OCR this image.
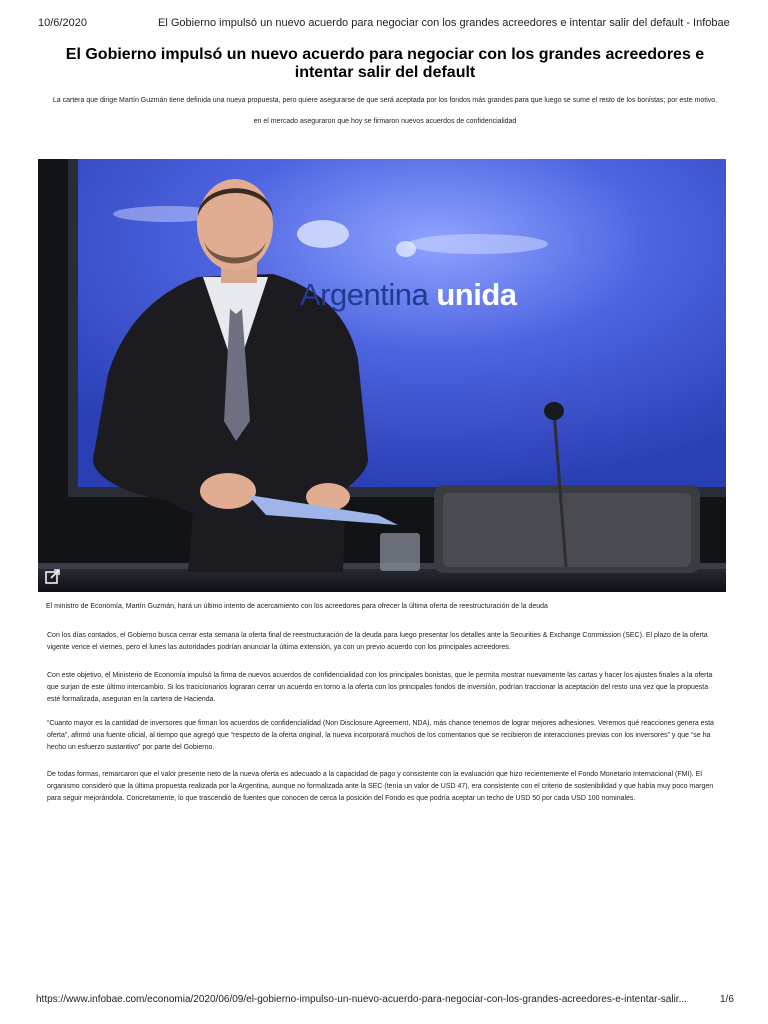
10/6/2020	El Gobierno impulsó un nuevo acuerdo para negociar con los grandes acreedores e intentar salir del default - Infobae
El Gobierno impulsó un nuevo acuerdo para negociar con los grandes acreedores e intentar salir del default

La cartera que dirige Martín Guzmán tiene definida una nueva propuesta, pero quiere asegurarse de que será aceptada por los fondos más grandes para que luego se sume el resto de los bonistas; por este motivo, en el mercado aseguraron que hoy se firmaron nuevos acuerdos de confidencialidad

Argentina unida

El ministro de Economía, Martín Guzmán, hará un último intento de acercamiento con los acreedores para ofrecer la última oferta de reestructuración de la deuda

Con los días contados, el Gobierno busca cerrar esta semana la oferta final de reestructuración de la deuda para luego presentar los detalles ante la Securities & Exchange Commission (SEC). El plazo de la oferta vigente vence el viernes, pero el lunes las autoridades podrían anunciar la última extensión, ya con un previo acuerdo con los principales acreedores.

Con este objetivo, el Ministerio de Economía impulsó la firma de nuevos acuerdos de confidencialidad con los principales bonistas, que le permita mostrar nuevamente las cartas y hacer los ajustes finales a la oferta que surjan de este último intercambio. Si los tracicionarios lograran cerrar un acuerdo en torno a la oferta con los principales fondos de inversión, podrían traccionar la aceptación del resto una vez que la propuesta esté formalizada, aseguran en la cartera de Hacienda.

“Cuanto mayor es la cantidad de inversores que firman los acuerdos de confidencialidad (Non Disclosure Agreement, NDA), más chance tenemos de lograr mejores adhesiones. Veremos qué reacciones genera esta oferta”, afirmó una fuente oficial, al tiempo que agregó que “respecto de la oferta original, la nueva incorporará muchos de los comentarios que se recibieron de interacciones previas con los inversores” y que “se ha hecho un esfuerzo sustantivo” por parte del Gobierno.

De todas formas, remarcaron que el valor presente neto de la nueva oferta es adecuado a la capacidad de pago y consistente con la evaluación que hizo recientemente el Fondo Monetario Internacional (FMI). El organismo consideró que la última propuesta realizada por la Argentina, aunque no formalizada ante la SEC (tenía un valor de USD 47), era consistente con el criterio de sostenibilidad y que había muy poco margen para seguir mejorándola. Concretamente, lo que trascendió de fuentes que conocen de cerca la posición del Fondo es que podría aceptar un techo de USD 50 por cada USD 100 nominales.

https://www.infobae.com/economia/2020/06/09/el-gobierno-impulso-un-nuevo-acuerdo-para-negociar-con-los-grandes-acreedores-e-intentar-salir...	1/6
